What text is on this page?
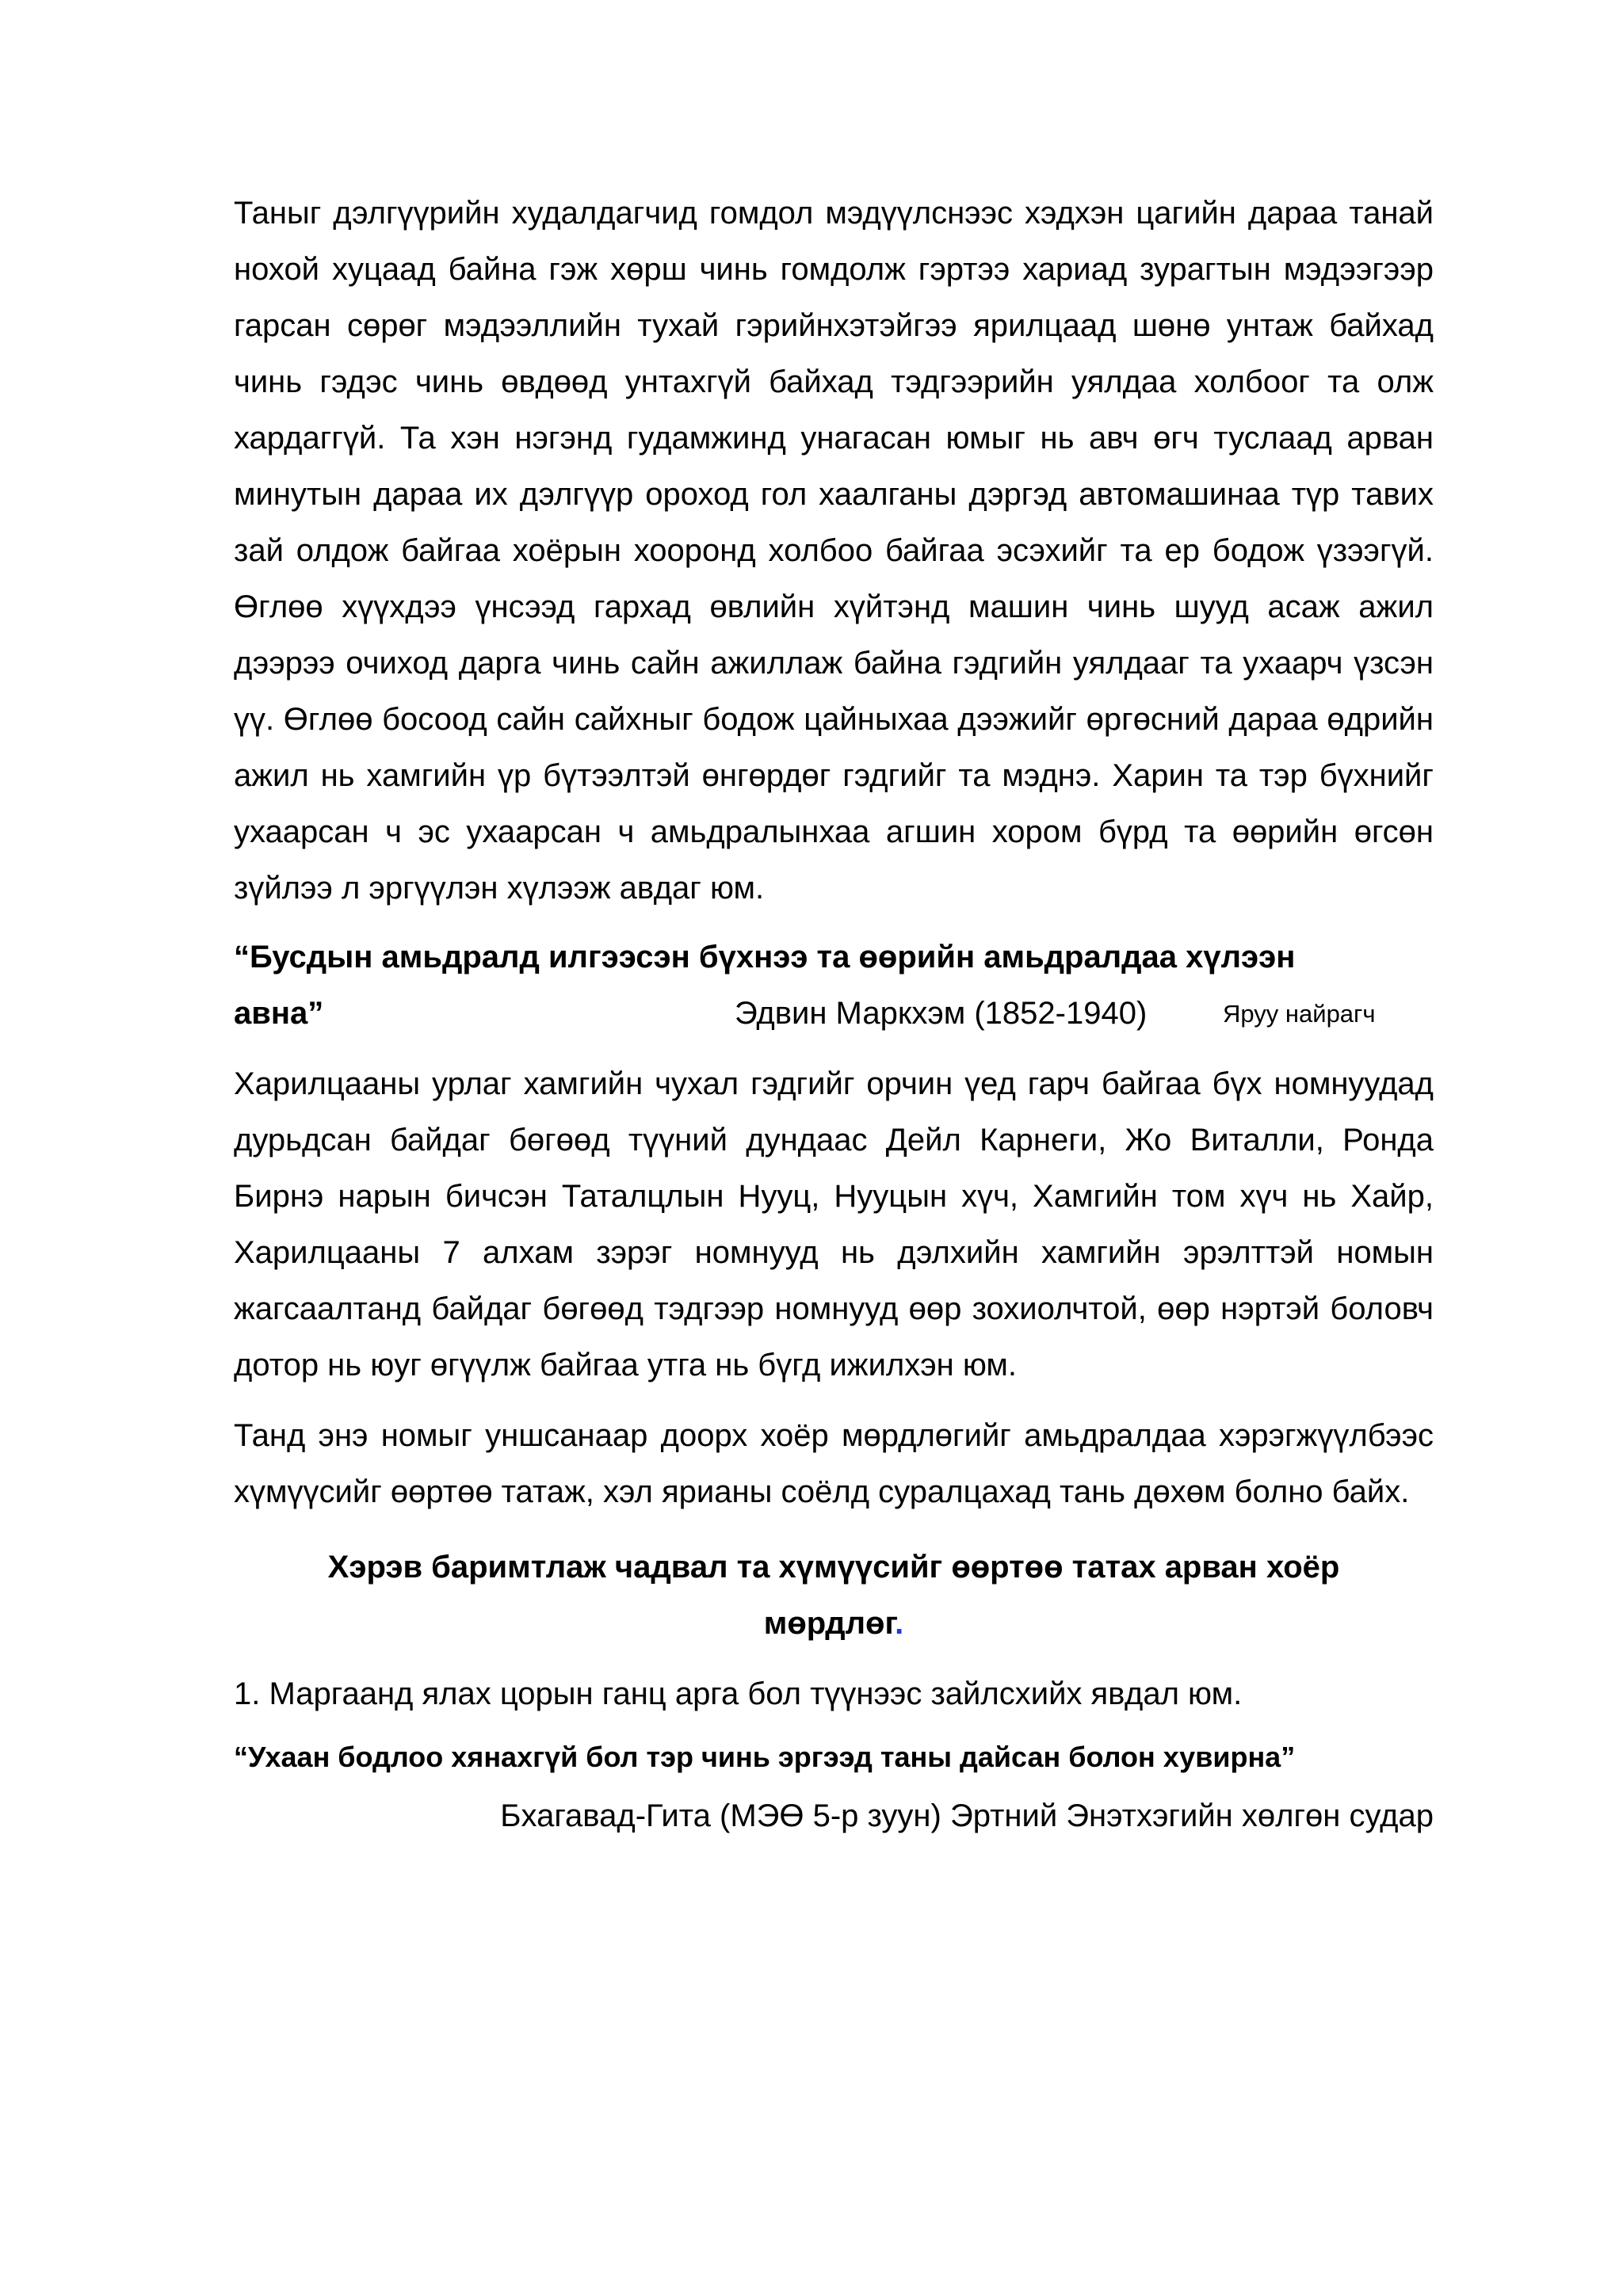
Таныг дэлгүүрийн худалдагчид гомдол мэдүүлснээс хэдхэн цагийн дараа танай нохой хуцаад байна гэж хөрш чинь гомдолж гэртээ хариад зурагтын мэдээгээр гарсан сөрөг мэдээллийн тухай гэрийнхэтэйгээ ярилцаад шөнө унтаж байхад чинь гэдэс чинь өвдөөд унтахгүй байхад тэдгээрийн уялдаа холбоог та олж хардаггүй. Та хэн нэгэнд гудамжинд унагасан юмыг нь авч өгч туслаад арван минутын дараа их дэлгүүр ороход гол хаалганы дэргэд автомашинаа түр тавих зай олдож байгаа хоёрын хооронд холбоо байгаа эсэхийг та ер бодож үзээгүй. Өглөө хүүхдээ үнсээд гархад өвлийн хүйтэнд машин чинь шууд асаж ажил дээрээ очиход дарга чинь сайн ажиллаж байна гэдгийн уялдааг та ухаарч үзсэн үү. Өглөө босоод сайн сайхныг бодож цайныхаа дээжийг өргөсний дараа өдрийн ажил нь хамгийн үр бүтээлтэй өнгөрдөг гэдгийг та мэднэ. Харин та тэр бүхнийг ухаарсан ч эс ухаарсан ч амьдралынхаа агшин хором бүрд та өөрийн өгсөн зүйлээ л эргүүлэн хүлээж авдаг юм.

“Бусдын амьдралд илгээсэн бүхнээ та өөрийн амьдралдаа хүлээн

авна”	Эдвин Маркхэм (1852-1940)	Яруу найрагч

Харилцааны урлаг хамгийн чухал гэдгийг орчин үед гарч байгаа бүх номнуудад дурьдсан байдаг бөгөөд түүний дундаас Дейл Карнеги, Жо Виталли, Ронда Бирнэ нарын бичсэн Таталцлын Нууц, Нууцын хүч, Хамгийн том хүч нь Хайр, Харилцааны 7 алхам зэрэг номнууд нь дэлхийн хамгийн эрэлттэй номын жагсаалтанд байдаг бөгөөд тэдгээр номнууд өөр зохиолчтой, өөр нэртэй боловч дотор нь юуг өгүүлж байгаа утга нь бүгд ижилхэн юм.

Танд энэ номыг уншсанаар доорх хоёр мөрдлөгийг амьдралдаа хэрэгжүүлбээс хүмүүсийг өөртөө татаж, хэл ярианы соёлд суралцахад тань дөхөм болно байх.

Хэрэв баримтлаж чадвал та хүмүүсийг өөртөө татах арван хоёр
мөрдлөг.

1. Маргаанд ялах цорын ганц арга бол түүнээс зайлсхийх явдал юм.

“Ухаан бодлоо хянахгүй бол тэр чинь эргээд таны дайсан болон хувирна”

Бхагавад-Гита (МЭӨ 5-р зуун) Эртний Энэтхэгийн хөлгөн судар
